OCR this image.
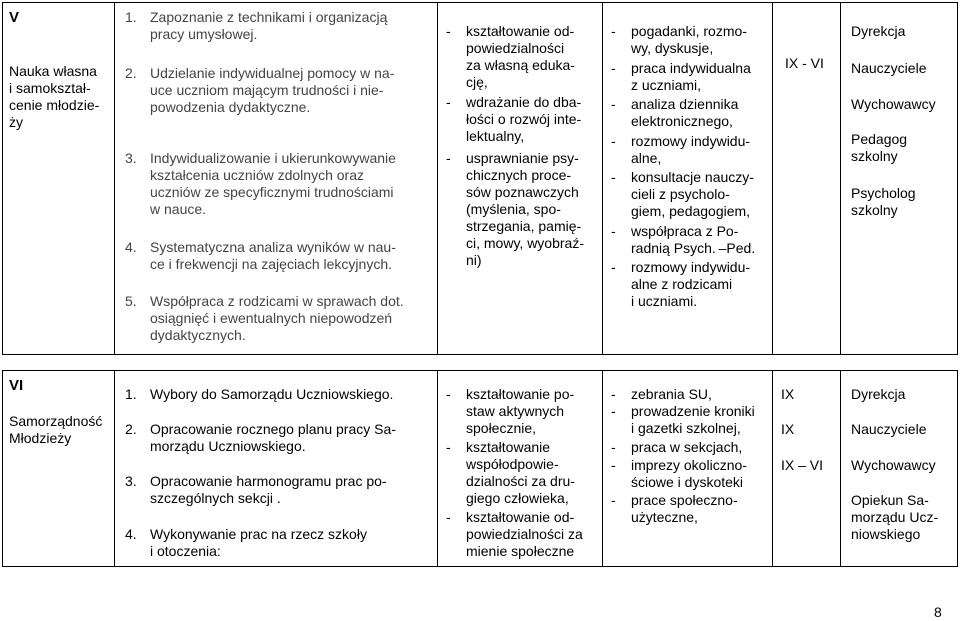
V
Nauka własna
i samokształ-
cenie młodzie-
ży
1. Zapoznanie z technikami i organizacją
pracy umysłowej.
2. Udzielanie indywidualnej pomocy w na-
uce uczniom mającym trudności i nie-
powodzenia dydaktyczne.
3. Indywidualizowanie i ukierunkowywanie
kształcenia uczniów zdolnych oraz
uczniów ze specyficznymi trudnościami
w nauce.
4. Systematyczna analiza wyników w nau-
ce i frekwencji na zajęciach lekcyjnych.
5. Współpraca z rodzicami w sprawach dot.
osiągnięć i ewentualnych niepowodzeń
dydaktycznych.
- kształtowanie od-
powiedzialności
za własną eduka-
cję,
- wdrażanie do dba-
łości o rozwój inte-
lektualny,
- usprawnianie psy-
chicznych proce-
sów poznawczych
(myślenia, spo-
strzegania, pamię-
ci, mowy, wyobraź-
ni)
- pogadanki, rozmo-
wy, dyskusje,
- praca indywidualna
z uczniami,
- analiza dziennika
elektronicznego,
- rozmowy indywidu-
alne,
- konsultacje nauczy-
cieli z psycholo-
giem, pedagogiem,
- współpraca z Po-
radnią Psych. –Ped.
- rozmowy indywidu-
alne z rodzicami
i uczniami.
IX - VI
Dyrekcja
Nauczyciele
Wychowawcy
Pedagog
szkolny
Psycholog
szkolny
VI
Samorządność
Młodzieży
1. Wybory do Samorządu Uczniowskiego.
2. Opracowanie rocznego planu pracy Sa-
morządu Uczniowskiego.
3. Opracowanie harmonogramu prac po-
szczególnych sekcji .
4. Wykonywanie prac na rzecz szkoły
i otoczenia:
- kształtowanie po-
staw aktywnych
społecznie,
- kształtowanie
współodpowie-
dzialności za dru-
giego człowieka,
- kształtowanie od-
powiedzialności za
mienie społeczne
- zebrania SU,
- prowadzenie kroniki
i gazetki szkolnej,
- praca w sekcjach,
- imprezy okoliczno-
ściowe i dyskoteki
- prace społeczno-
użyteczne,
IX
IX
IX – VI
Dyrekcja
Nauczyciele
Wychowawcy
Opiekun Sa-
morządu Ucz-
niowskiego
8
